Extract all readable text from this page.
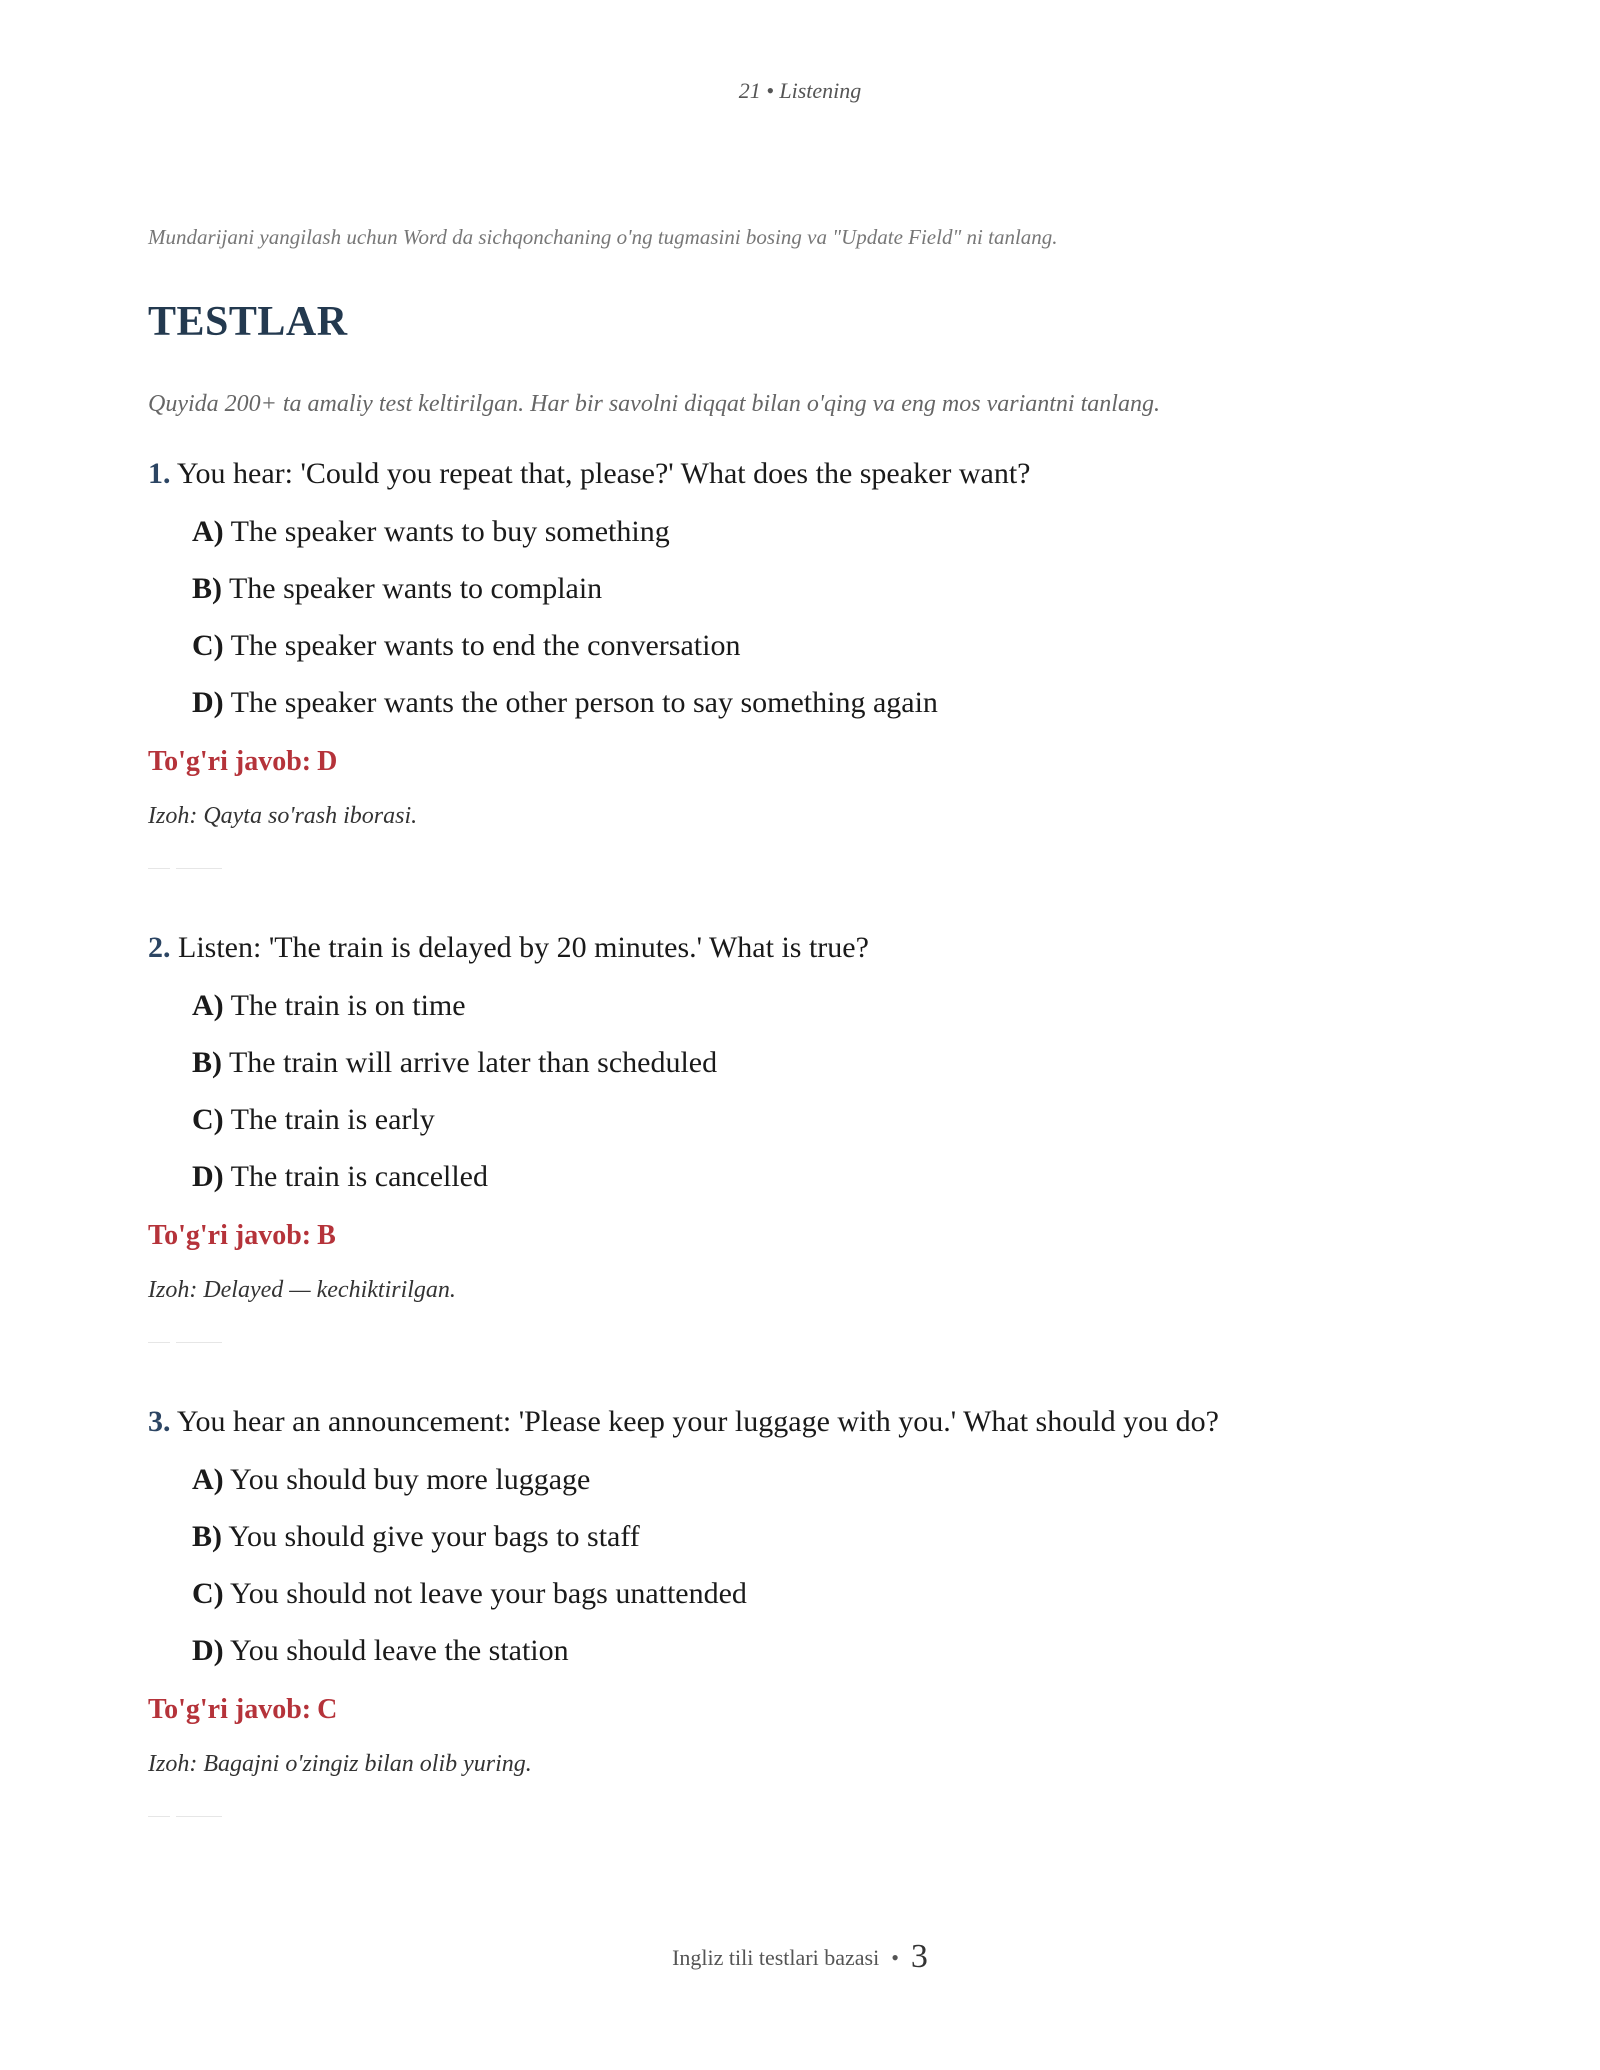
21 • Listening

Mundarijani yangilash uchun Word da sichqonchaning o'ng tugmasini bosing va "Update Field" ni tanlang.

TESTLAR

Quyida 200+ ta amaliy test keltirilgan. Har bir savolni diqqat bilan o'qing va eng mos variantni tanlang.

1. You hear: 'Could you repeat that, please?' What does the speaker want?

A) The speaker wants to buy something
B) The speaker wants to complain
C) The speaker wants to end the conversation
D) The speaker wants the other person to say something again

To'g'ri javob: D

Izoh: Qayta so'rash iborasi.

2. Listen: 'The train is delayed by 20 minutes.' What is true?

A) The train is on time
B) The train will arrive later than scheduled
C) The train is early
D) The train is cancelled

To'g'ri javob: B

Izoh: Delayed — kechiktirilgan.

3. You hear an announcement: 'Please keep your luggage with you.' What should you do?

A) You should buy more luggage
B) You should give your bags to staff
C) You should not leave your bags unattended
D) You should leave the station

To'g'ri javob: C

Izoh: Bagajni o'zingiz bilan olib yuring.

Ingliz tili testlari bazasi • 3
